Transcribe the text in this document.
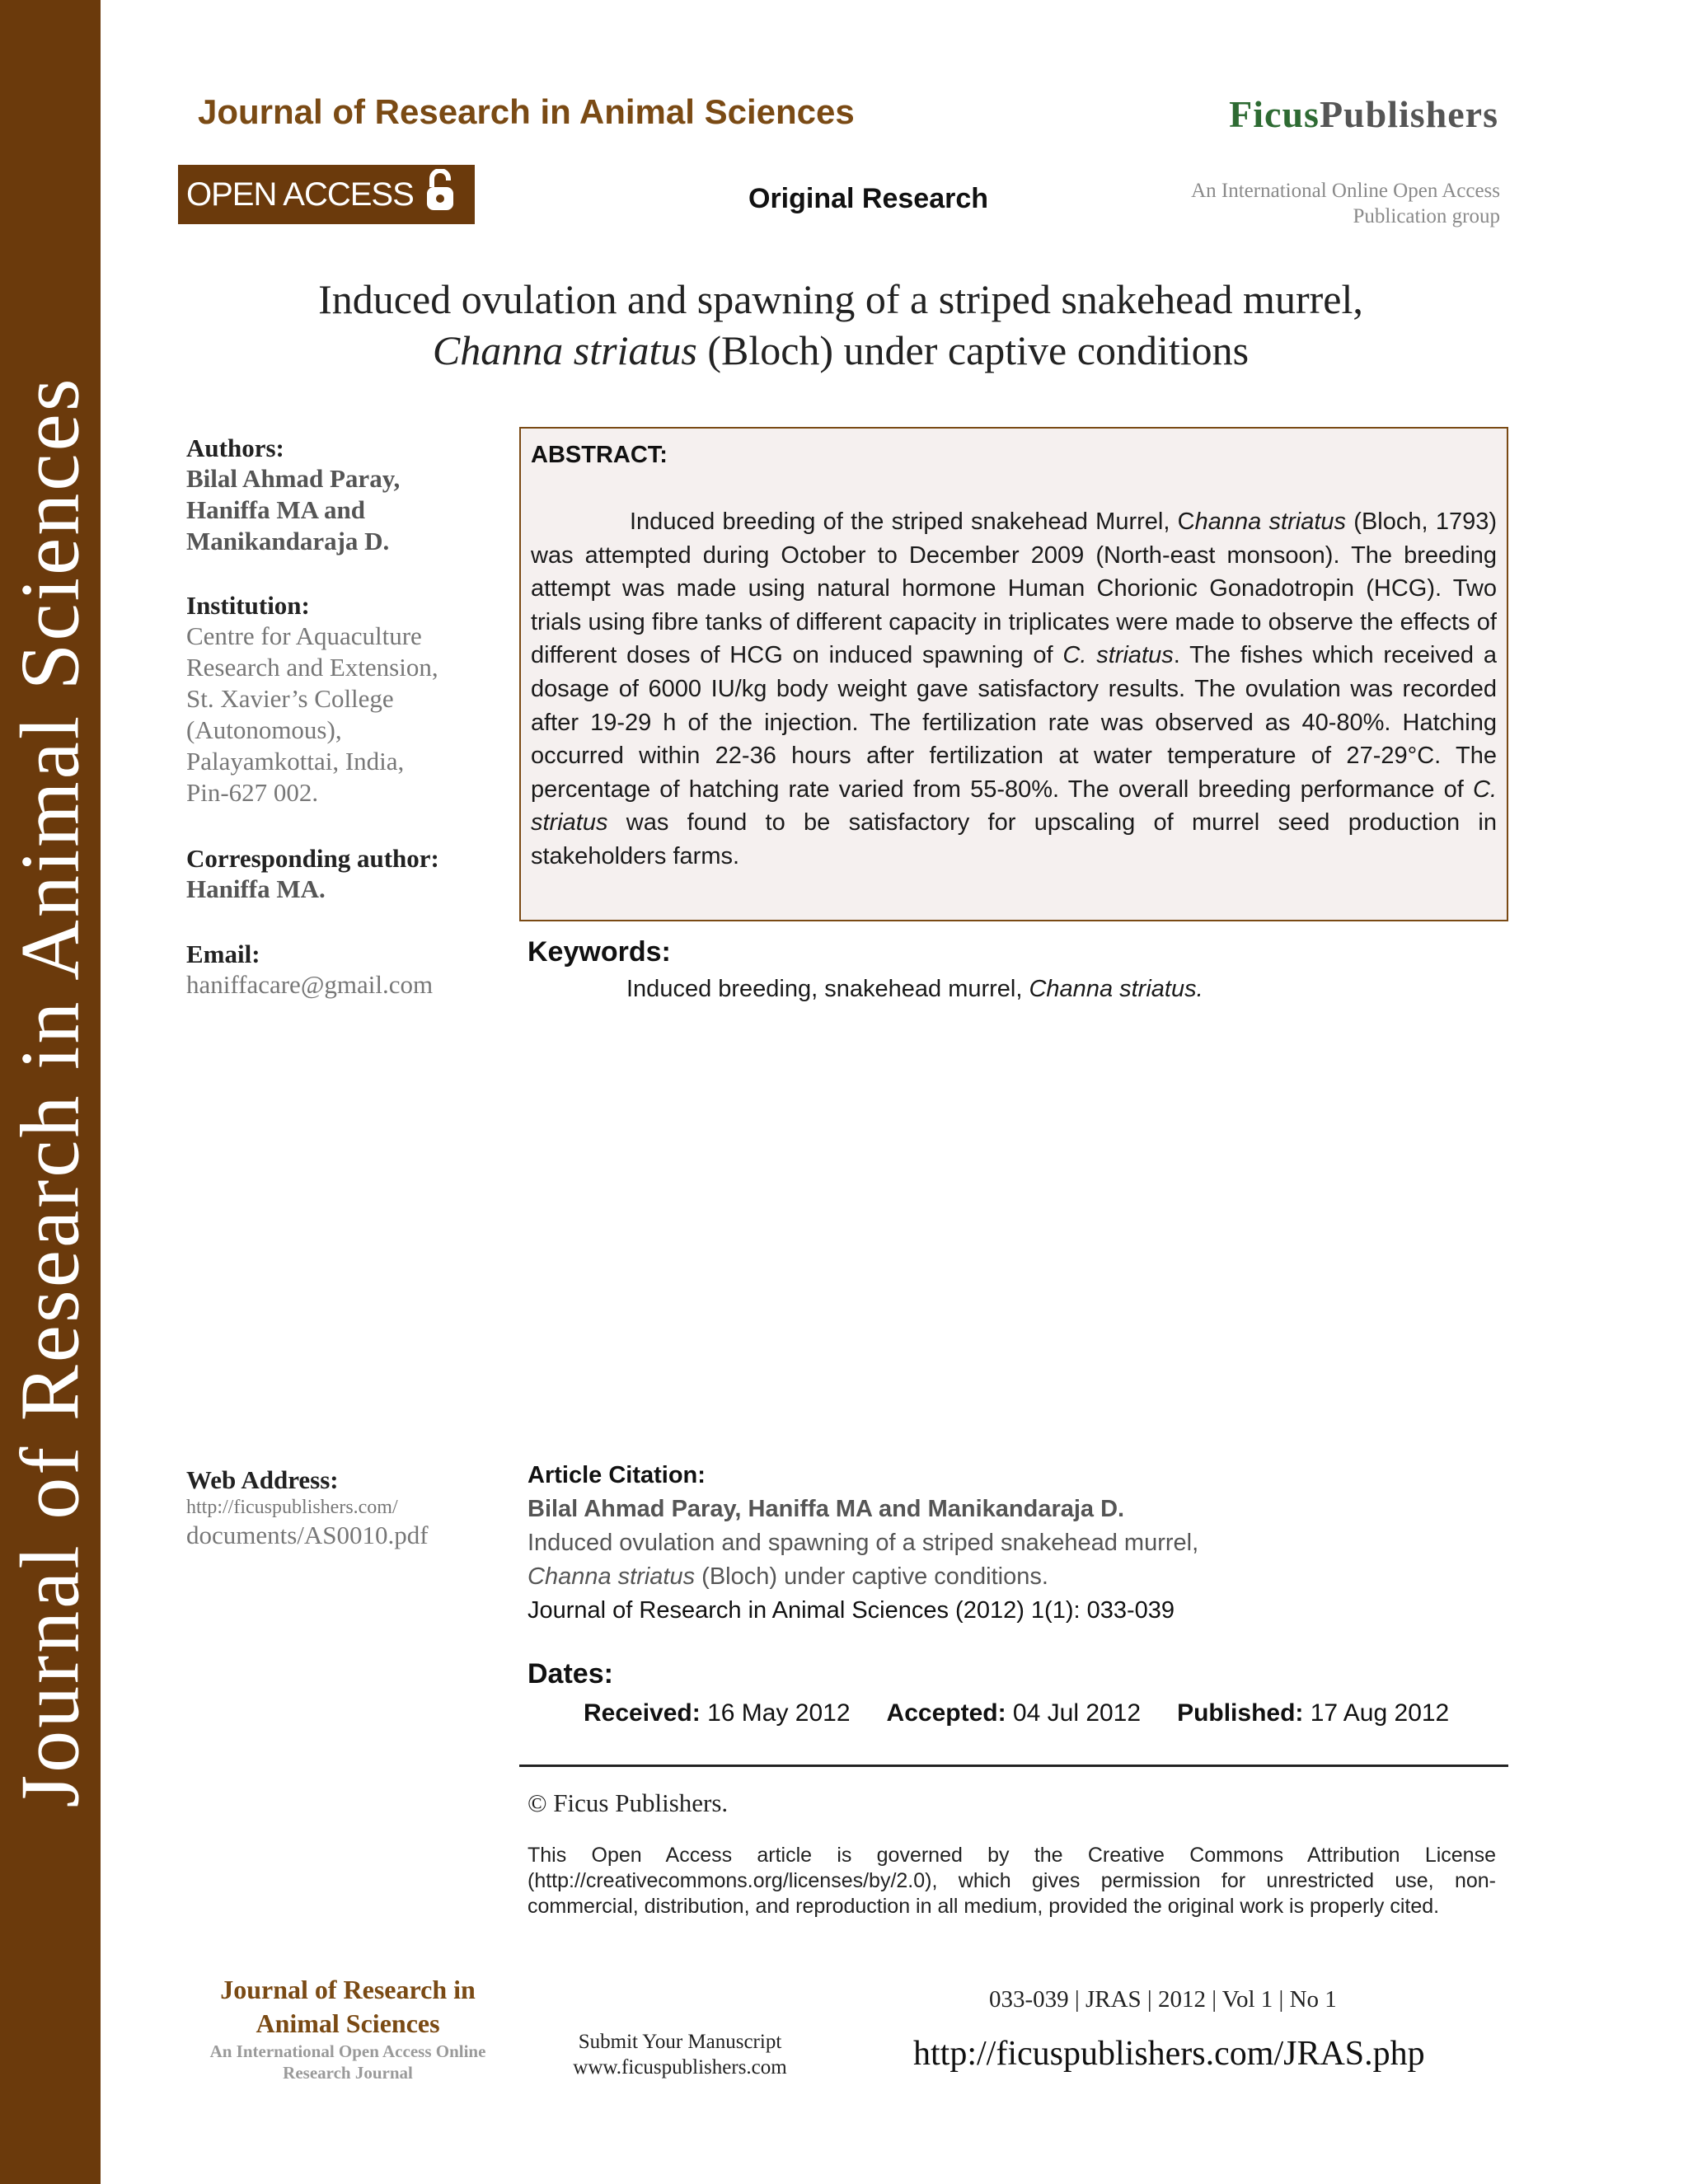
Journal of Research in Animal Sciences
Journal of Research in Animal Sciences	FicusPublishers
OPEN ACCESS	Original Research	An International Online Open Access
Publication group
Induced ovulation and spawning of a striped snakehead murrel,
Channa striatus (Bloch) under captive conditions
Authors:
Bilal Ahmad Paray,
Haniffa MA and
Manikandaraja D.
Institution:
Centre for Aquaculture
Research and Extension,
St. Xavier’s College
(Autonomous),
Palayamkottai, India,
Pin-627 002.
Corresponding author:
Haniffa MA.
Email:
haniffacare@gmail.com
Web Address:
http://ficuspublishers.com/
documents/AS0010.pdf
ABSTRACT:
Induced breeding of the striped snakehead Murrel, Channa striatus (Bloch, 1793) was attempted during October to December 2009 (North-east monsoon). The breeding attempt was made using natural hormone Human Chorionic Gonadotropin (HCG). Two trials using fibre tanks of different capacity in triplicates were made to observe the effects of different doses of HCG on induced spawning of C. striatus. The fishes which received a dosage of 6000 IU/kg body weight gave satisfactory results. The ovulation was recorded after 19-29 h of the injection. The fertilization rate was observed as 40-80%. Hatching occurred within 22-36 hours after fertilization at water temperature of 27-29°C. The percentage of hatching rate varied from 55-80%. The overall breeding performance of C. striatus was found to be satisfactory for upscaling of murrel seed production in stakeholders farms.
Keywords:
Induced breeding, snakehead murrel, Channa striatus.
Article Citation:
Bilal Ahmad Paray, Haniffa MA and Manikandaraja D.
Induced ovulation and spawning of a striped snakehead murrel,
Channa striatus (Bloch) under captive conditions.
Journal of Research in Animal Sciences (2012) 1(1): 033-039
Dates:
Received: 16 May 2012 Accepted: 04 Jul 2012 Published: 17 Aug 2012
© Ficus Publishers.
This Open Access article is governed by the Creative Commons Attribution License (http://creativecommons.org/licenses/by/2.0), which gives permission for unrestricted use, non-commercial, distribution, and reproduction in all medium, provided the original work is properly cited.
Journal of Research in
Animal Sciences
An International Open Access Online
Research Journal
Submit Your Manuscript
www.ficuspublishers.com
033-039 | JRAS | 2012 | Vol 1 | No 1
http://ficuspublishers.com/JRAS.php
